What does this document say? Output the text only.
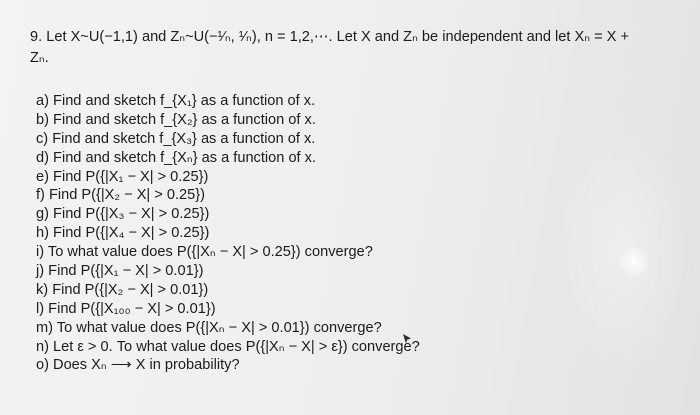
9. Let X~U(−1,1) and Zₙ~U(−¹⁄ₙ, ¹⁄ₙ), n = 1,2,⋯. Let X and Zₙ be independent and let Xₙ = X +
Zₙ.
a) Find and sketch f_{X₁} as a function of x.
b) Find and sketch f_{X₂} as a function of x.
c) Find and sketch f_{X₃} as a function of x.
d) Find and sketch f_{Xₙ} as a function of x.
e) Find P({|X₁ − X| > 0.25})
f) Find P({|X₂ − X| > 0.25})
g) Find P({|X₃ − X| > 0.25})
h) Find P({|X₄ − X| > 0.25})
i) To what value does P({|Xₙ − X| > 0.25}) converge?
j) Find P({|X₁ − X| > 0.01})
k) Find P({|X₂ − X| > 0.01})
l) Find P({|X₁₀₀ − X| > 0.01})
m) To what value does P({|Xₙ − X| > 0.01}) converge?
n) Let ε > 0. To what value does P({|Xₙ − X| > ε}) converge?
o) Does Xₙ ⟶ X in probability?
